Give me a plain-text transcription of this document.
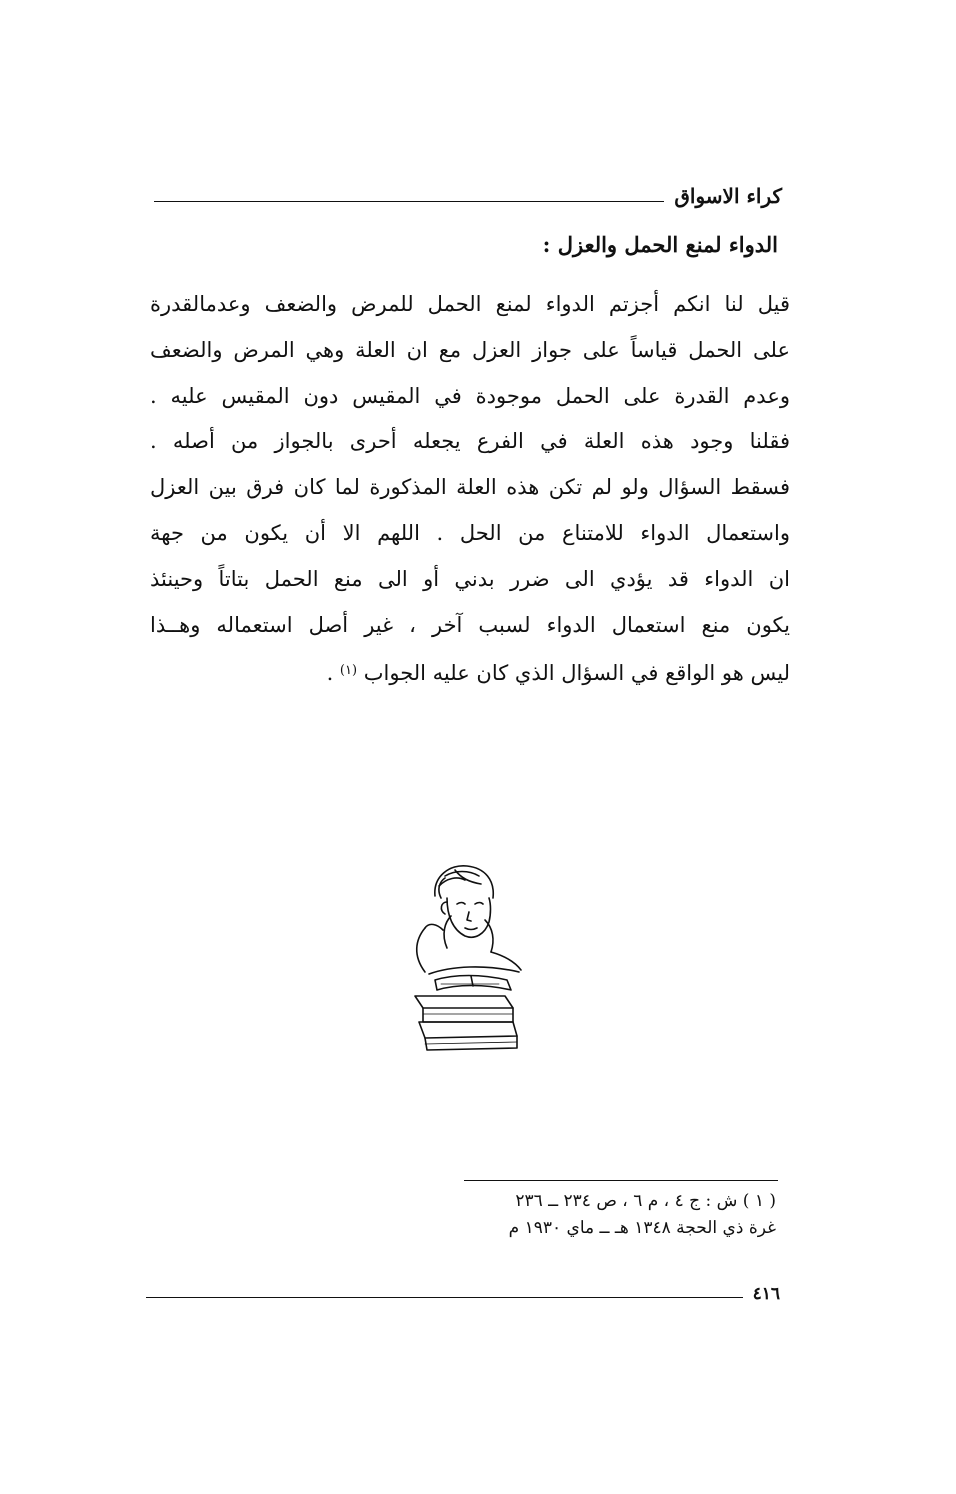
كراء الاسواق
الدواء لمنع الحمل والعزل :
قيل لنا انكم أجزتم الدواء لمنع الحمل للمرض والضعف وعدمالقدرة
على الحمل قياساً على جواز العزل مع ان العلة وهي المرض والضعف
وعدم القدرة على الحمل موجودة في المقيس دون المقيس عليه .
فقلنا وجود هذه العلة في الفرع يجعله أحرى بالجواز من أصله .
فسقط السؤال ولو لم تكن هذه العلة المذكورة لما كان فرق بين العزل
واستعمال الدواء للامتناع من الحل . اللهم الا أن يكون من جهة
ان الدواء قد يؤدي الى ضرر بدني أو الى منع الحمل بتاتاً وحينئذ
يكون منع استعمال الدواء لسبب آخر ، غير أصل استعماله وهــذا
ليس هو الواقع في السؤال الذي كان عليه الجواب $^{(١)}$ .
( ١ ) ش : ج ٤ ، م ٦ ، ص ٢٣٤ ــ ٢٣٦
غرة ذي الحجة ١٣٤٨ هـ ــ ماي ١٩٣٠ م
٤١٦
